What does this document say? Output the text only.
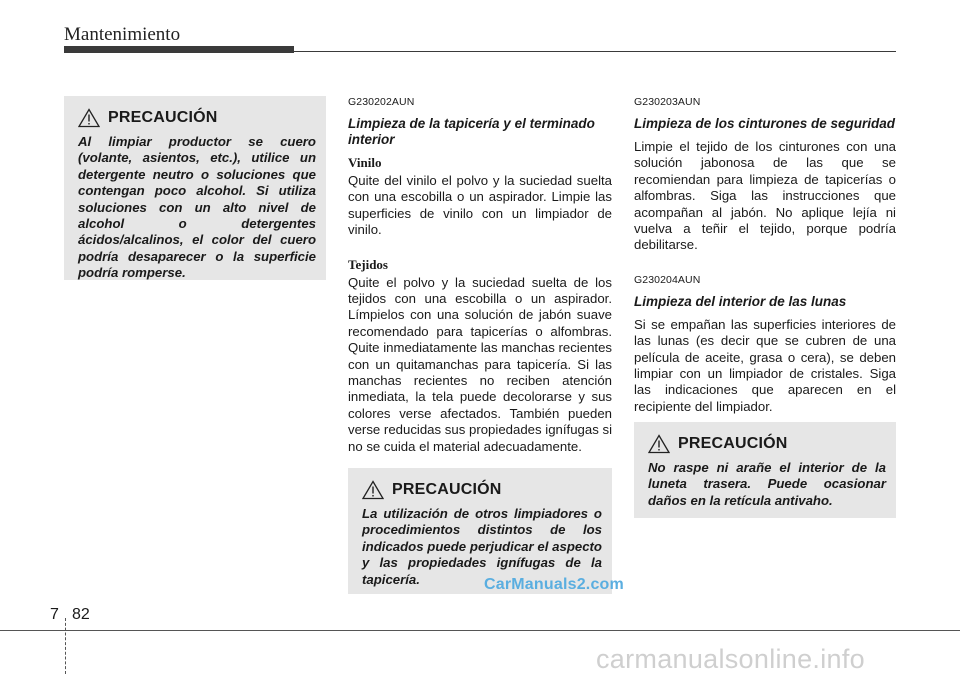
Mantenimiento
PRECAUCIÓN
Al limpiar productor se cuero (volante, asientos, etc.), utilice un detergente neutro o soluciones que contengan poco alcohol. Si utiliza soluciones con un alto nivel de alcohol o detergentes ácidos/alcalinos, el color del cuero podría desaparecer o la superficie podría romperse.
G230202AUN
Limpieza de la tapicería y el terminado interior
Vinilo

Quite del vinilo el polvo y la suciedad suelta con una escobilla o un aspirador. Limpie las superficies de vinilo con un limpiador de vinilo.

Tejidos

Quite el polvo y la suciedad suelta de los tejidos con una escobilla o un aspirador. Límpielos con una solución de jabón suave recomendado para tapicerías o alfombras. Quite inmediatamente las manchas recientes con un quitamanchas para tapicería. Si las manchas recientes no reciben atención inmediata, la tela puede decolorarse y sus colores verse afectados. También pueden verse reducidas sus propiedades ignífugas si no se cuida el material adecuadamente.

PRECAUCIÓN
La utilización de otros limpiadores o procedimientos distintos de los indicados puede perjudicar el aspecto y las propiedades ignífugas de la tapicería.
G230203AUN
Limpieza de los cinturones de seguridad

Limpie el tejido de los cinturones con una solución jabonosa de las que se recomiendan para limpieza de tapicerías o alfombras. Siga las instrucciones que acompañan al jabón. No aplique lejía ni vuelva a teñir el tejido, porque podría debilitarse.

G230204AUN
Limpieza del interior de las lunas

Si se empañan las superficies interiores de las lunas (es decir que se cubren de una película de aceite, grasa o cera), se deben limpiar con un limpiador de cristales. Siga las indicaciones que aparecen en el recipiente del limpiador.

PRECAUCIÓN
No raspe ni arañe el interior de la luneta trasera. Puede ocasionar daños en la retícula antivaho.
7 82
CarManuals2.com
carmanualsonline.info
